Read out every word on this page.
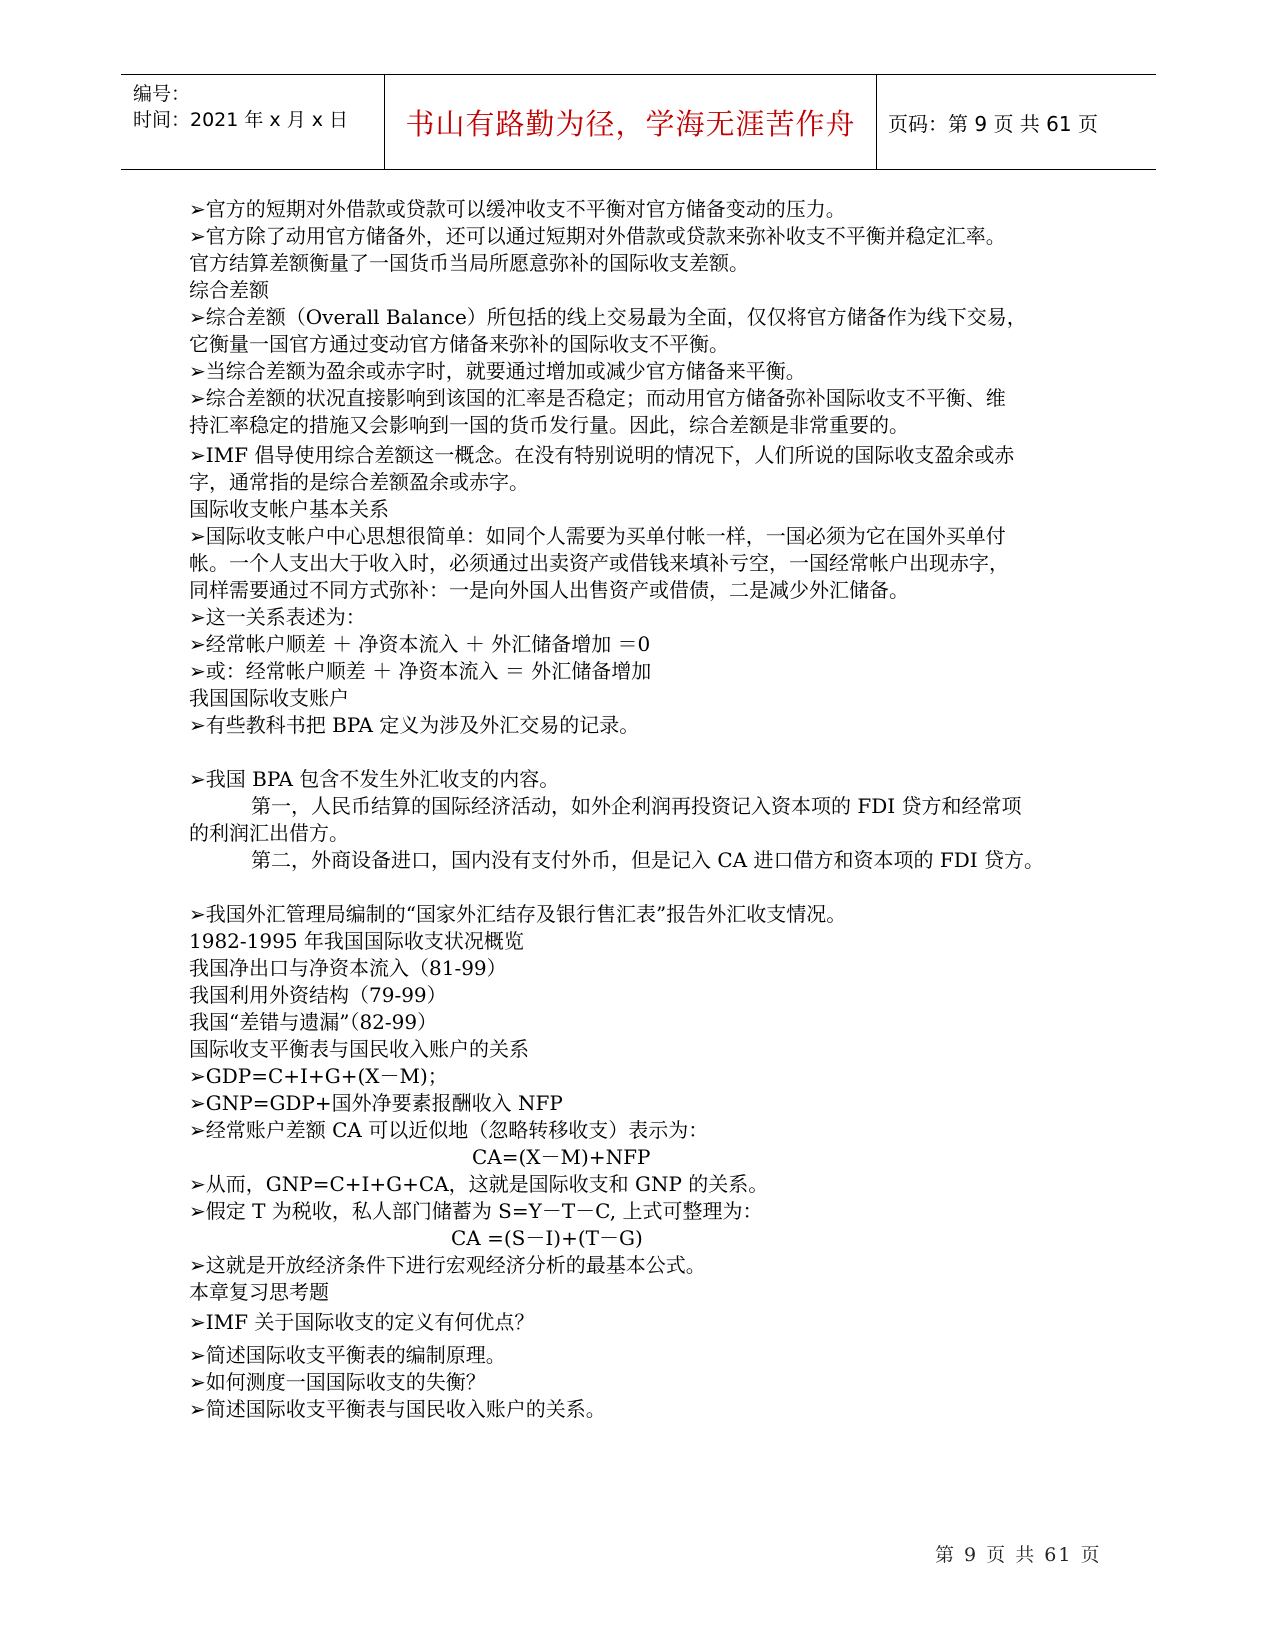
编号：
时间：2021 年 x 月 x 日 书山有路勤为径，学海无涯苦作舟	页码：第 9 页 共 61 页
➢官方的短期对外借款或贷款可以缓冲收支不平衡对官方储备变动的压力。
➢官方除了动用官方储备外，还可以通过短期对外借款或贷款来弥补收支不平衡并稳定汇率。
官方结算差额衡量了一国货币当局所愿意弥补的国际收支差额。
综合差额
➢综合差额（Overall Balance）所包括的线上交易最为全面，仅仅将官方储备作为线下交易，
它衡量一国官方通过变动官方储备来弥补的国际收支不平衡。
➢当综合差额为盈余或赤字时，就要通过增加或减少官方储备来平衡。
➢综合差额的状况直接影响到该国的汇率是否稳定；而动用官方储备弥补国际收支不平衡、维
持汇率稳定的措施又会影响到一国的货币发行量。因此，综合差额是非常重要的。
➢IMF 倡导使用综合差额这一概念。在没有特别说明的情况下，人们所说的国际收支盈余或赤
字，通常指的是综合差额盈余或赤字。
国际收支帐户基本关系
➢国际收支帐户中心思想很简单：如同个人需要为买单付帐一样，一国必须为它在国外买单付
帐。一个人支出大于收入时，必须通过出卖资产或借钱来填补亏空，一国经常帐户出现赤字，
同样需要通过不同方式弥补：一是向外国人出售资产或借债，二是减少外汇储备。
➢这一关系表述为：
➢经常帐户顺差 ＋ 净资本流入 ＋ 外汇储备增加 ＝0
➢或：经常帐户顺差 ＋ 净资本流入 ＝ 外汇储备增加
我国国际收支账户
➢有些教科书把 BPA 定义为涉及外汇交易的记录。
➢我国 BPA 包含不发生外汇收支的内容。
第一，人民币结算的国际经济活动，如外企利润再投资记入资本项的 FDI 贷方和经常项
的利润汇出借方。
第二，外商设备进口，国内没有支付外币，但是记入 CA 进口借方和资本项的 FDI 贷方。
➢我国外汇管理局编制的“国家外汇结存及银行售汇表”报告外汇收支情况。
1982-1995 年我国国际收支状况概览
我国净出口与净资本流入（81-99）
我国利用外资结构（79-99）
我国“差错与遗漏”（82-99）
国际收支平衡表与国民收入账户的关系
➢GDP=C+I+G+(X－M)；
➢GNP=GDP+国外净要素报酬收入 NFP
➢经常账户差额 CA 可以近似地（忽略转移收支）表示为：
CA=(X－M)+NFP
➢从而，GNP=C+I+G+CA，这就是国际收支和 GNP 的关系。
➢假定 T 为税收，私人部门储蓄为 S=Y－T－C, 上式可整理为：
CA =(S－I)+(T－G)
➢这就是开放经济条件下进行宏观经济分析的最基本公式。
本章复习思考题
➢IMF 关于国际收支的定义有何优点？
➢简述国际收支平衡表的编制原理。
➢如何测度一国国际收支的失衡？
➢简述国际收支平衡表与国民收入账户的关系。
第 9 页 共 61 页
